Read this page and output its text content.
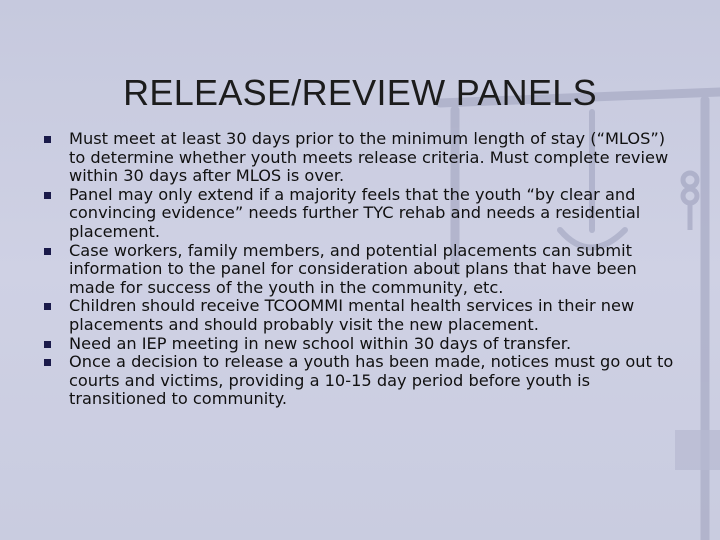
RELEASE/REVIEW PANELS
Must meet at least 30 days prior to the minimum length of stay (“MLOS”) to determine whether youth meets release criteria. Must complete review within 30 days after MLOS is over.
Panel may only extend if a majority feels that the youth “by clear and convincing evidence” needs further TYC rehab and needs a residential placement.
Case workers, family members, and potential placements can submit information to the panel for consideration about plans that have been made for success of the youth in the community, etc.
Children should receive TCOOMMI mental health services in their new placements and should probably visit the new placement.
Need an IEP meeting in new school within 30 days of transfer.
Once a decision to release a youth has been made, notices must go out to courts and victims, providing a 10-15 day period before youth is transitioned to community.
